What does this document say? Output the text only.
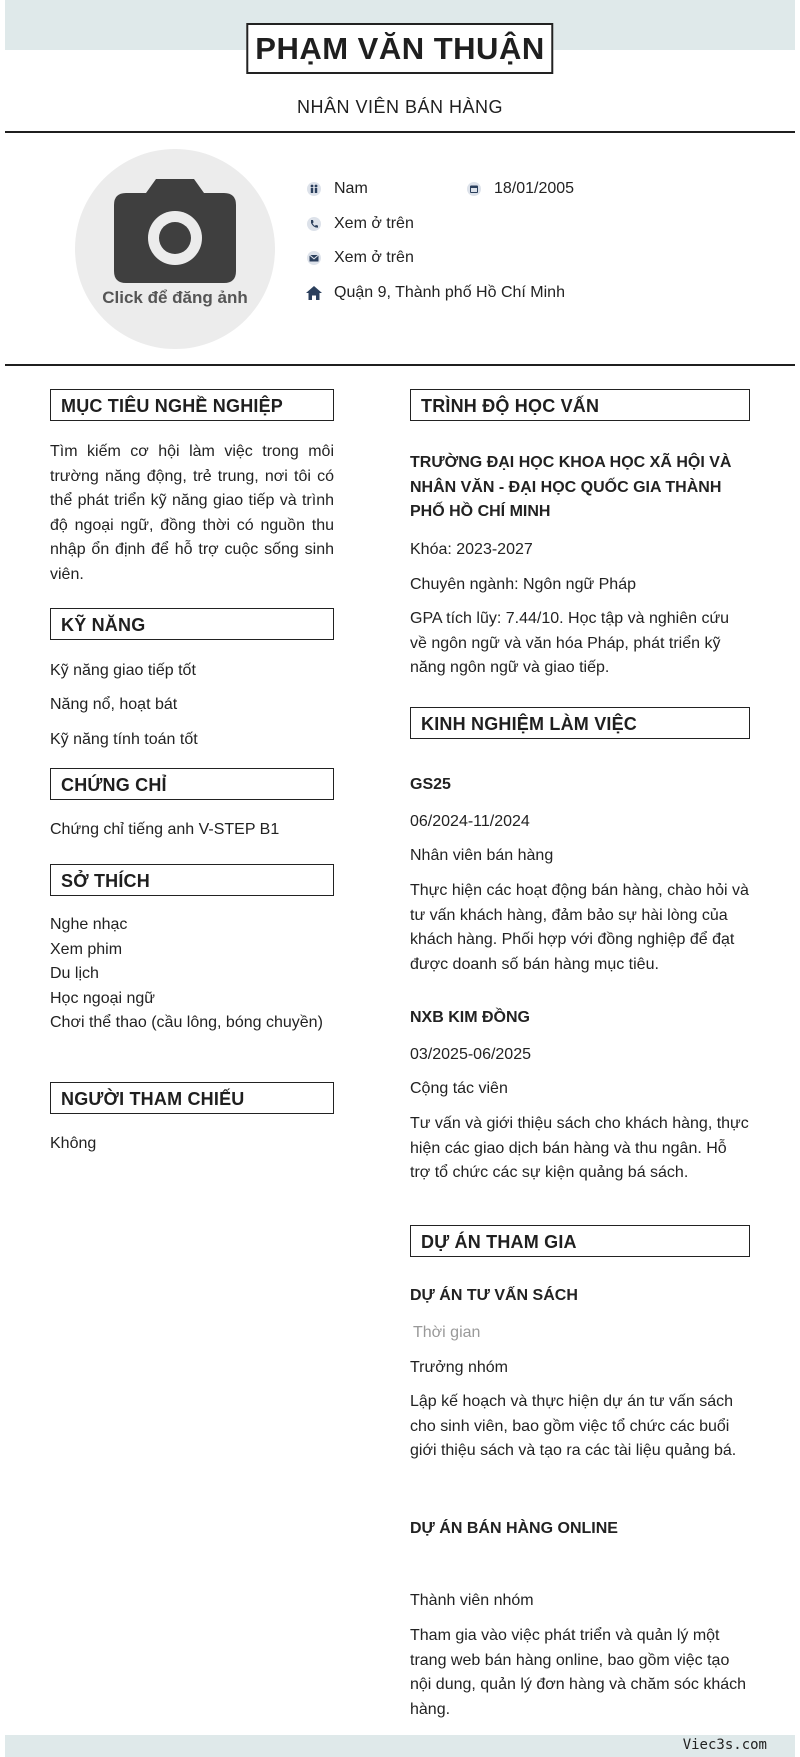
PHẠM VĂN THUẬN
NHÂN VIÊN BÁN HÀNG
Click để đăng ảnh
Nam	18/01/2005
Xem ở trên
Xem ở trên
Quận 9, Thành phố Hồ Chí Minh
MỤC TIÊU NGHỀ NGHIỆP
Tìm kiếm cơ hội làm việc trong môi trường năng động, trẻ trung, nơi tôi có thể phát triển kỹ năng giao tiếp và trình độ ngoại ngữ, đồng thời có nguồn thu nhập ổn định để hỗ trợ cuộc sống sinh viên.
KỸ NĂNG
Kỹ năng giao tiếp tốt
Năng nổ, hoạt bát
Kỹ năng tính toán tốt
CHỨNG CHỈ
Chứng chỉ tiếng anh V-STEP B1
SỞ THÍCH
Nghe nhạc
Xem phim
Du lịch
Học ngoại ngữ
Chơi thể thao (cầu lông, bóng chuyền)
NGƯỜI THAM CHIẾU
Không
TRÌNH ĐỘ HỌC VẤN
TRƯỜNG ĐẠI HỌC KHOA HỌC XÃ HỘI VÀ NHÂN VĂN - ĐẠI HỌC QUỐC GIA THÀNH PHỐ HỒ CHÍ MINH
Khóa: 2023-2027
Chuyên ngành: Ngôn ngữ Pháp
GPA tích lũy: 7.44/10. Học tập và nghiên cứu về ngôn ngữ và văn hóa Pháp, phát triển kỹ năng ngôn ngữ và giao tiếp.
KINH NGHIỆM LÀM VIỆC
GS25
06/2024-11/2024
Nhân viên bán hàng
Thực hiện các hoạt động bán hàng, chào hỏi và tư vấn khách hàng, đảm bảo sự hài lòng của khách hàng. Phối hợp với đồng nghiệp để đạt được doanh số bán hàng mục tiêu.
NXB KIM ĐỒNG
03/2025-06/2025
Cộng tác viên
Tư vấn và giới thiệu sách cho khách hàng, thực hiện các giao dịch bán hàng và thu ngân. Hỗ trợ tổ chức các sự kiện quảng bá sách.
DỰ ÁN THAM GIA
DỰ ÁN TƯ VẤN SÁCH
Thời gian
Trưởng nhóm
Lập kế hoạch và thực hiện dự án tư vấn sách cho sinh viên, bao gồm việc tổ chức các buổi giới thiệu sách và tạo ra các tài liệu quảng bá.
DỰ ÁN BÁN HÀNG ONLINE
Thành viên nhóm
Tham gia vào việc phát triển và quản lý một trang web bán hàng online, bao gồm việc tạo nội dung, quản lý đơn hàng và chăm sóc khách hàng.
Viec3s.com
